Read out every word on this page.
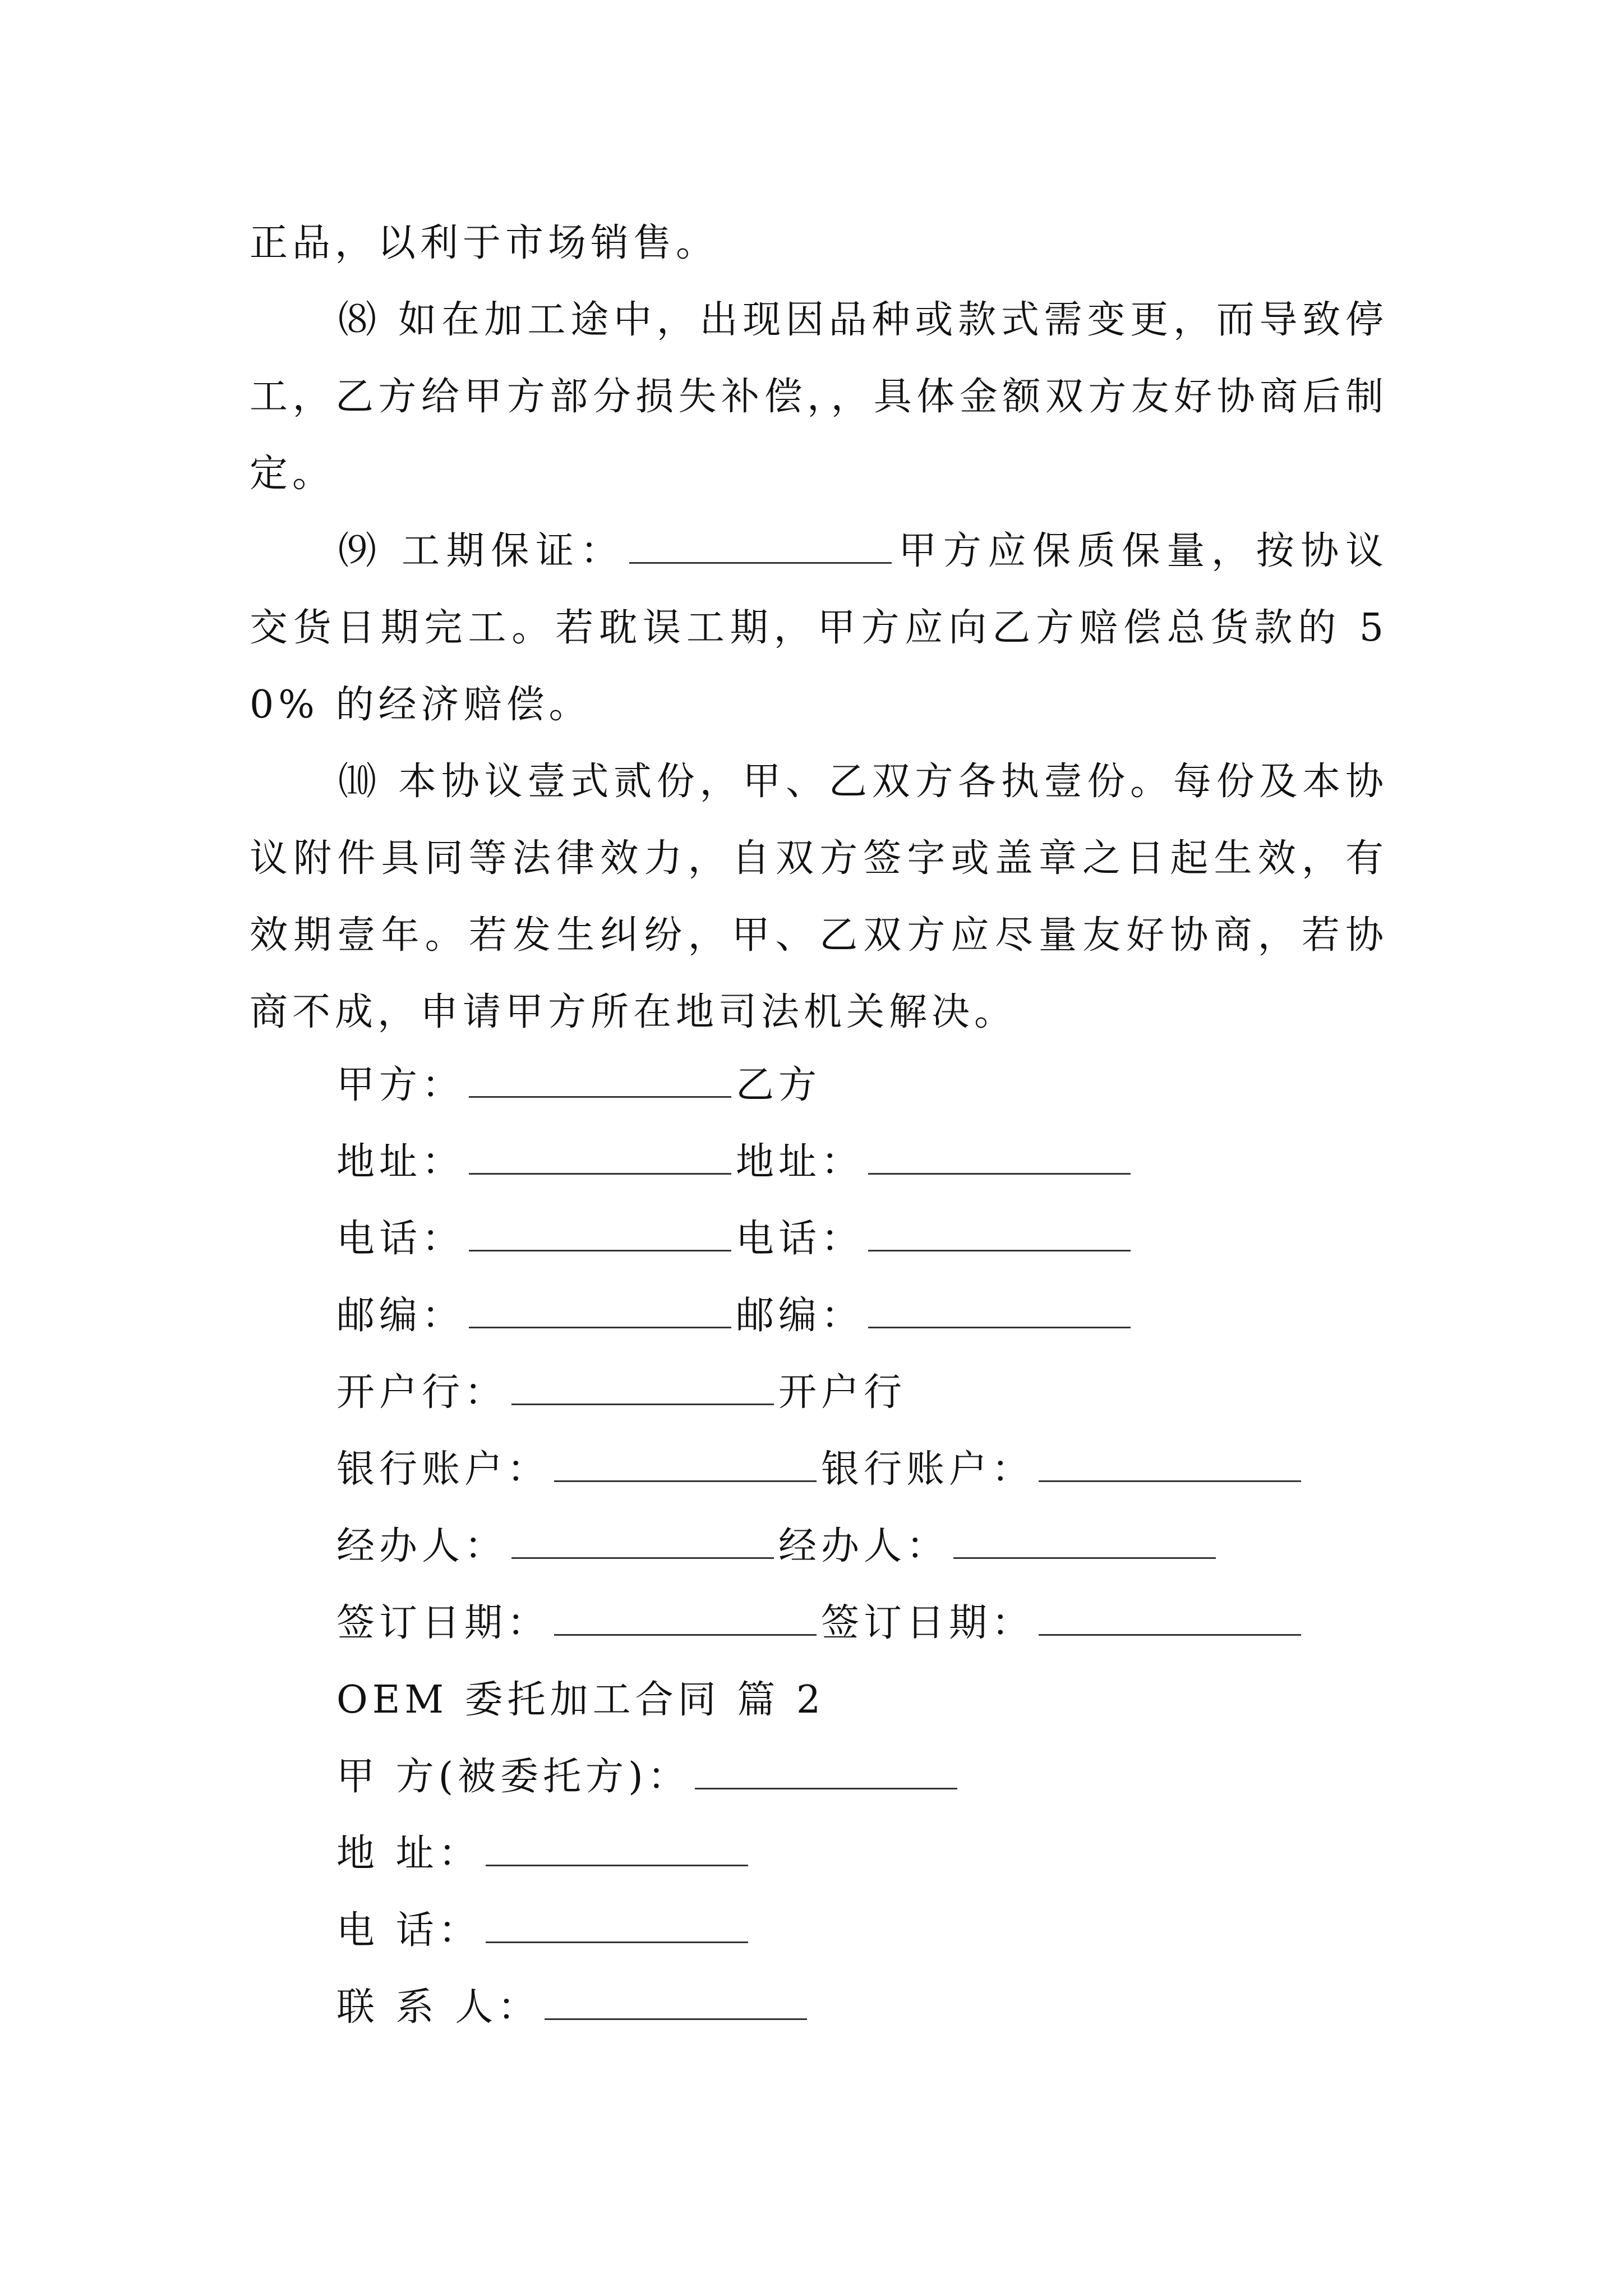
正品，以利于市场销售。
⑻ 如在加工途中，出现因品种或款式需变更，而导致停工，乙方给甲方部分损失补偿，，具体金额双方友好协商后制定。
⑼ 工期保证：	甲方应保质保量，按协议交货日期完工。若耽误工期，甲方应向乙方赔偿总货款的 50% 的经济赔偿。
⑽ 本协议壹式贰份，甲、乙双方各执壹份。每份及本协议附件具同等法律效力，自双方签字或盖章之日起生效，有效期壹年。若发生纠纷，甲、乙双方应尽量友好协商，若协商不成，申请甲方所在地司法机关解决。
甲方：	乙方
地址：	地址：
电话：	电话：
邮编：	邮编：
开户行：	开户行
银行账户：	银行账户：
经办人：	经办人：
签订日期：	签订日期：
OEM 委托加工合同 篇 2
甲 方(被委托方)：
地 址：
电 话：
联 系 人：
